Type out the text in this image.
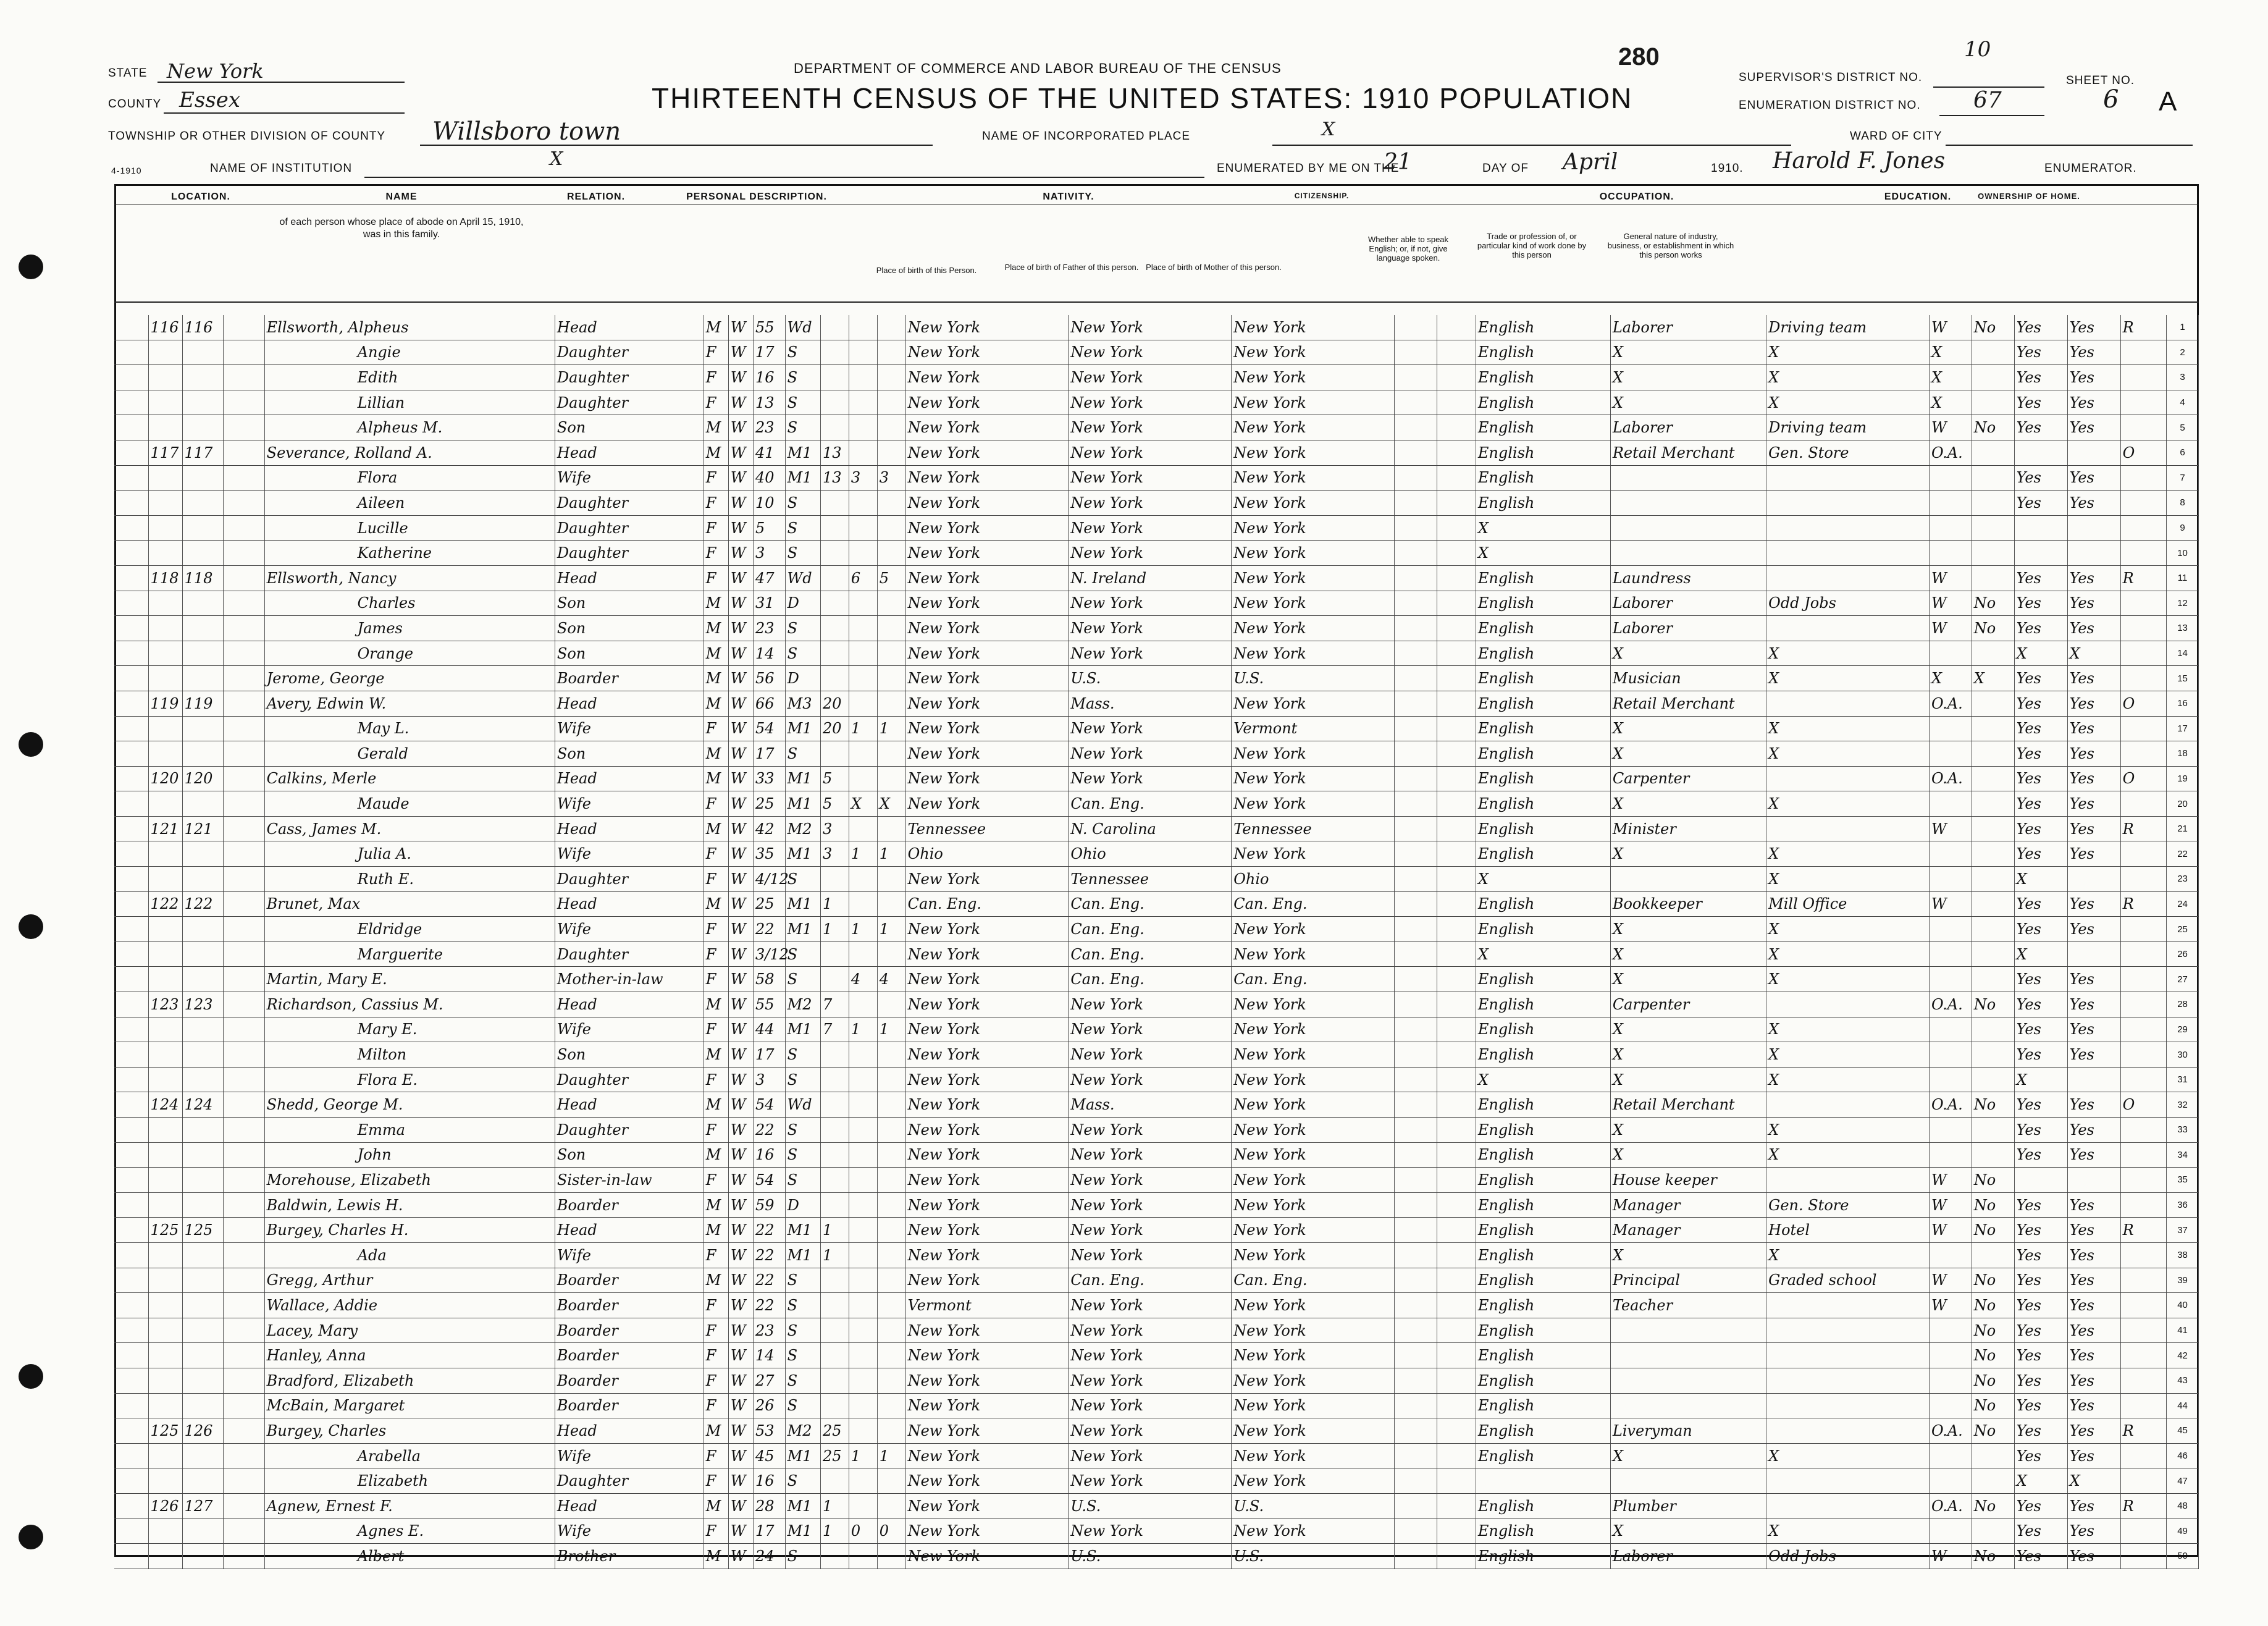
280
DEPARTMENT OF COMMERCE AND LABOR BUREAU OF THE CENSUS
THIRTEENTH CENSUS OF THE UNITED STATES: 1910 POPULATION
STATE New York
COUNTY Essex
TOWNSHIP OR OTHER DIVISION OF COUNTY Willsboro town	NAME OF INCORPORATED PLACE	X	WARD OF CITY
4-1910	NAME OF INSTITUTION	X	ENUMERATED BY ME ON THE
21	DAY OF April	1910. Harold F. Jones	ENUMERATOR.
SUPERVISOR'S DISTRICT NO.
10
ENUMERATION DISTRICT NO. 67
SHEET NO.
6 A
LOCATION.	NAME	RELATION.	PERSONAL DESCRIPTION.	NATIVITY.	CITIZENSHIP.	OCCUPATION.	EDUCATION.	OWNERSHIP OF HOME.
of each person whose place of abode on April 15, 1910, was in this family.
Place of birth of this Person.	Place of birth of Father of this person. Place of birth of Mother of this person.
Whether able to speak English; or, if not, give language spoken.
Trade or profession of, or particular kind of work done by this person
General nature of industry, business, or establishment in which this person works
	116	116		Ellsworth, Alpheus	Head	M	W	55	Wd				New York	New York	New York			English	Laborer	Driving team	W	No	Yes	Yes	R	1
				Angie	Daughter	F	W	17	S				New York	New York	New York			English	X	X	X		Yes	Yes		2
				Edith	Daughter	F	W	16	S				New York	New York	New York			English	X	X	X		Yes	Yes		3
				Lillian	Daughter	F	W	13	S				New York	New York	New York			English	X	X	X		Yes	Yes		4
				Alpheus M.	Son	M	W	23	S				New York	New York	New York			English	Laborer	Driving team	W	No	Yes	Yes		5
	117	117		Severance, Rolland A.	Head	M	W	41	M1	13			New York	New York	New York			English	Retail Merchant	Gen. Store	O.A.				O	6
				Flora	Wife	F	W	40	M1	13	3	3	New York	New York	New York			English					Yes	Yes		7
				Aileen	Daughter	F	W	10	S				New York	New York	New York			English					Yes	Yes		8
				Lucille	Daughter	F	W	5	S				New York	New York	New York			X								9
				Katherine	Daughter	F	W	3	S				New York	New York	New York			X								10
	118	118		Ellsworth, Nancy	Head	F	W	47	Wd		6	5	New York	N. Ireland	New York			English	Laundress		W		Yes	Yes	R	11
				Charles	Son	M	W	31	D				New York	New York	New York			English	Laborer	Odd Jobs	W	No	Yes	Yes		12
				James	Son	M	W	23	S				New York	New York	New York			English	Laborer		W	No	Yes	Yes		13
				Orange	Son	M	W	14	S				New York	New York	New York			English	X	X			X	X		14
				Jerome, George	Boarder	M	W	56	D				New York	U.S.	U.S.			English	Musician	X	X	X	Yes	Yes		15
	119	119		Avery, Edwin W.	Head	M	W	66	M3	20			New York	Mass.	New York			English	Retail Merchant		O.A.		Yes	Yes	O	16
				May L.	Wife	F	W	54	M1	20	1	1	New York	New York	Vermont			English	X	X			Yes	Yes		17
				Gerald	Son	M	W	17	S				New York	New York	New York			English	X	X			Yes	Yes		18
	120	120		Calkins, Merle	Head	M	W	33	M1	5			New York	New York	New York			English	Carpenter		O.A.		Yes	Yes	O	19
				Maude	Wife	F	W	25	M1	5	X	X	New York	Can. Eng.	New York			English	X	X			Yes	Yes		20
	121	121		Cass, James M.	Head	M	W	42	M2	3			Tennessee	N. Carolina	Tennessee			English	Minister		W		Yes	Yes	R	21
				Julia A.	Wife	F	W	35	M1	3	1	1	Ohio	Ohio	New York			English	X	X			Yes	Yes		22
				Ruth E.	Daughter	F	W	4/12	S				New York	Tennessee	Ohio			X		X			X			23
	122	122		Brunet, Max	Head	M	W	25	M1	1			Can. Eng.	Can. Eng.	Can. Eng.			English	Bookkeeper	Mill Office	W		Yes	Yes	R	24
				Eldridge	Wife	F	W	22	M1	1	1	1	New York	Can. Eng.	New York			English	X	X			Yes	Yes		25
				Marguerite	Daughter	F	W	3/12	S				New York	Can. Eng.	New York			X	X	X			X			26
				Martin, Mary E.	Mother-in-law	F	W	58	S		4	4	New York	Can. Eng.	Can. Eng.			English	X	X			Yes	Yes		27
	123	123		Richardson, Cassius M.	Head	M	W	55	M2	7			New York	New York	New York			English	Carpenter		O.A.	No	Yes	Yes		28
				Mary E.	Wife	F	W	44	M1	7	1	1	New York	New York	New York			English	X	X			Yes	Yes		29
				Milton	Son	M	W	17	S				New York	New York	New York			English	X	X			Yes	Yes		30
				Flora E.	Daughter	F	W	3	S				New York	New York	New York			X	X	X			X			31
	124	124		Shedd, George M.	Head	M	W	54	Wd				New York	Mass.	New York			English	Retail Merchant		O.A.	No	Yes	Yes	O	32
				Emma	Daughter	F	W	22	S				New York	New York	New York			English	X	X			Yes	Yes		33
				John	Son	M	W	16	S				New York	New York	New York			English	X	X			Yes	Yes		34
				Morehouse, Elizabeth	Sister-in-law	F	W	54	S				New York	New York	New York			English	House keeper		W	No				35
				Baldwin, Lewis H.	Boarder	M	W	59	D				New York	New York	New York			English	Manager	Gen. Store	W	No	Yes	Yes		36
	125	125		Burgey, Charles H.	Head	M	W	22	M1	1			New York	New York	New York			English	Manager	Hotel	W	No	Yes	Yes	R	37
				Ada	Wife	F	W	22	M1	1			New York	New York	New York			English	X	X			Yes	Yes		38
				Gregg, Arthur	Boarder	M	W	22	S				New York	Can. Eng.	Can. Eng.			English	Principal	Graded school	W	No	Yes	Yes		39
				Wallace, Addie	Boarder	F	W	22	S				Vermont	New York	New York			English	Teacher		W	No	Yes	Yes		40
				Lacey, Mary	Boarder	F	W	23	S				New York	New York	New York			English				No	Yes	Yes		41
				Hanley, Anna	Boarder	F	W	14	S				New York	New York	New York			English				No	Yes	Yes		42
				Bradford, Elizabeth	Boarder	F	W	27	S				New York	New York	New York			English				No	Yes	Yes		43
				McBain, Margaret	Boarder	F	W	26	S				New York	New York	New York			English				No	Yes	Yes		44
	125	126		Burgey, Charles	Head	M	W	53	M2	25			New York	New York	New York			English	Liveryman		O.A.	No	Yes	Yes	R	45
				Arabella	Wife	F	W	45	M1	25	1	1	New York	New York	New York			English	X	X			Yes	Yes		46
				Elizabeth	Daughter	F	W	16	S				New York	New York	New York								X	X		47
	126	127		Agnew, Ernest F.	Head	M	W	28	M1	1			New York	U.S.	U.S.			English	Plumber		O.A.	No	Yes	Yes	R	48
				Agnes E.	Wife	F	W	17	M1	1	0	0	New York	New York	New York			English	X	X			Yes	Yes		49
				Albert	Brother	M	W	24	S				New York	U.S.	U.S.			English	Laborer	Odd Jobs	W	No	Yes	Yes		50
